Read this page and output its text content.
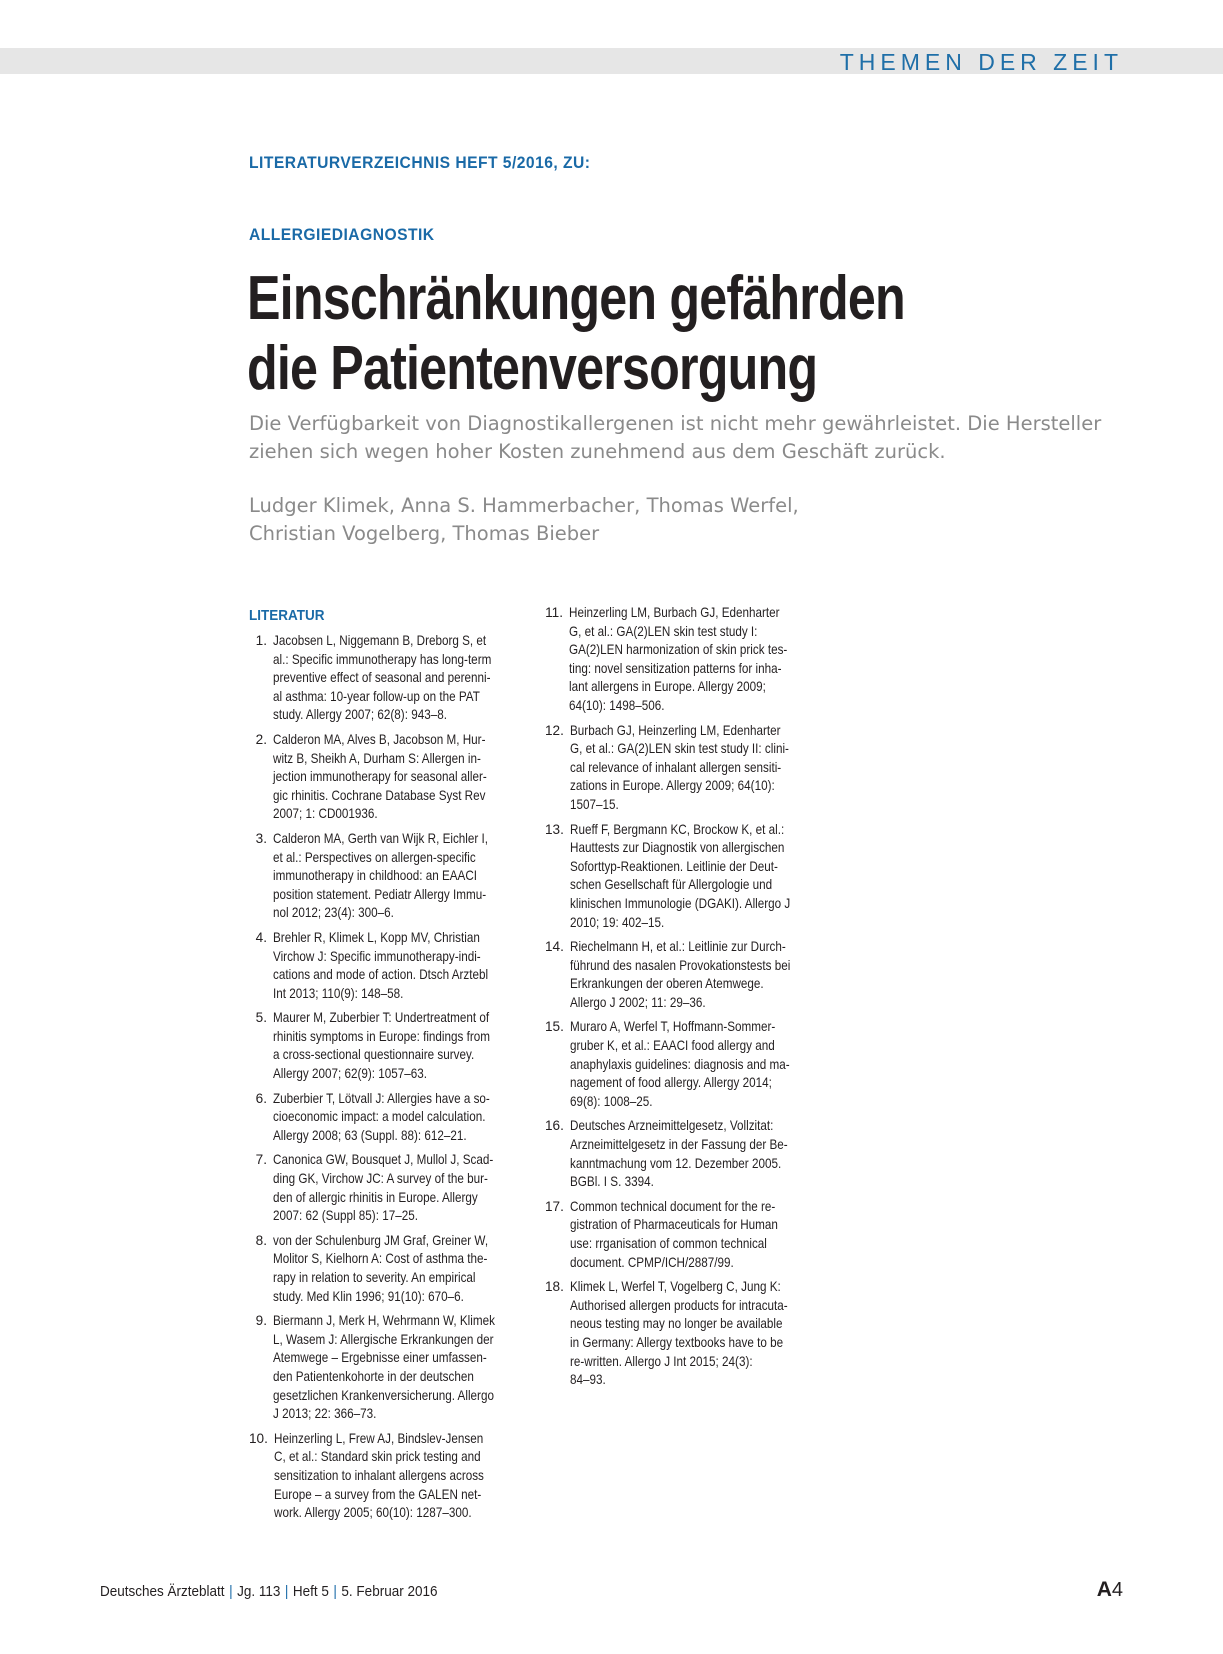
THEMEN DER ZEIT
LITERATURVERZEICHNIS HEFT 5/2016, ZU:
ALLERGIEDIAGNOSTIK
Einschränkungen gefährden
die Patientenversorgung

Die Verfügbarkeit von Diagnostikallergenen ist nicht mehr gewährleistet. Die Hersteller ziehen sich wegen hoher Kosten zunehmend aus dem Geschäft zurück.

Ludger Klimek, Anna S. Hammerbacher, Thomas Werfel,
Christian Vogelberg, Thomas Bieber

LITERATUR
1. Jacobsen L, Niggemann B, Dreborg S, et
al.: Specific immunotherapy has long-term
preventive effect of seasonal and perenni-
al asthma: 10-year follow-up on the PAT
study. Allergy 2007; 62(8): 943–8.
2. Calderon MA, Alves B, Jacobson M, Hur-
witz B, Sheikh A, Durham S: Allergen in-
jection immunotherapy for seasonal aller-
gic rhinitis. Cochrane Database Syst Rev
2007; 1: CD001936.
3. Calderon MA, Gerth van Wijk R, Eichler I,
et al.: Perspectives on allergen-specific
immunotherapy in childhood: an EAACI
position statement. Pediatr Allergy Immu-
nol 2012; 23(4): 300–6.
4. Brehler R, Klimek L, Kopp MV, Christian
Virchow J: Specific immunotherapy-indi-
cations and mode of action. Dtsch Arztebl
Int 2013; 110(9): 148–58.
5. Maurer M, Zuberbier T: Undertreatment of
rhinitis symptoms in Europe: findings from
a cross-sectional questionnaire survey.
Allergy 2007; 62(9): 1057–63.
6. Zuberbier T, Lötvall J: Allergies have a so-
cioeconomic impact: a model calculation.
Allergy 2008; 63 (Suppl. 88): 612–21.
7. Canonica GW, Bousquet J, Mullol J, Scad-
ding GK, Virchow JC: A survey of the bur-
den of allergic rhinitis in Europe. Allergy
2007: 62 (Suppl 85): 17–25.
8. von der Schulenburg JM Graf, Greiner W,
Molitor S, Kielhorn A: Cost of asthma the-
rapy in relation to severity. An empirical
study. Med Klin 1996; 91(10): 670–6.
9. Biermann J, Merk H, Wehrmann W, Klimek
L, Wasem J: Allergische Erkrankungen der
Atemwege – Ergebnisse einer umfassen-
den Patientenkohorte in der deutschen
gesetzlichen Krankenversicherung. Allergo
J 2013; 22: 366–73.
10. Heinzerling L, Frew AJ, Bindslev-Jensen
C, et al.: Standard skin prick testing and
sensitization to inhalant allergens across
Europe – a survey from the GALEN net-
work. Allergy 2005; 60(10): 1287–300.
11. Heinzerling LM, Burbach GJ, Edenharter
G, et al.: GA(2)LEN skin test study I:
GA(2)LEN harmonization of skin prick tes-
ting: novel sensitization patterns for inha-
lant allergens in Europe. Allergy 2009;
64(10): 1498–506.
12. Burbach GJ, Heinzerling LM, Edenharter
G, et al.: GA(2)LEN skin test study II: clini-
cal relevance of inhalant allergen sensiti-
zations in Europe. Allergy 2009; 64(10):
1507–15.
13. Rueff F, Bergmann KC, Brockow K, et al.:
Hauttests zur Diagnostik von allergischen
Soforttyp-Reaktionen. Leitlinie der Deut-
schen Gesellschaft für Allergologie und
klinischen Immunologie (DGAKI). Allergo J
2010; 19: 402–15.
14. Riechelmann H, et al.: Leitlinie zur Durch-
führund des nasalen Provokationstests bei
Erkrankungen der oberen Atemwege.
Allergo J 2002; 11: 29–36.
15. Muraro A, Werfel T, Hoffmann-Sommer-
gruber K, et al.: EAACI food allergy and
anaphylaxis guidelines: diagnosis and ma-
nagement of food allergy. Allergy 2014;
69(8): 1008–25.
16. Deutsches Arzneimittelgesetz, Vollzitat:
Arzneimittelgesetz in der Fassung der Be-
kanntmachung vom 12. Dezember 2005.
BGBl. I S. 3394.
17. Common technical document for the re-
gistration of Pharmaceuticals for Human
use: rrganisation of common technical
document. CPMP/ICH/2887/99.
18. Klimek L, Werfel T, Vogelberg C, Jung K:
Authorised allergen products for intracuta-
neous testing may no longer be available
in Germany: Allergy textbooks have to be
re-written. Allergo J Int 2015; 24(3):
84–93.
Deutsches Ärzteblatt | Jg. 113 | Heft 5 | 5. Februar 2016	A4
